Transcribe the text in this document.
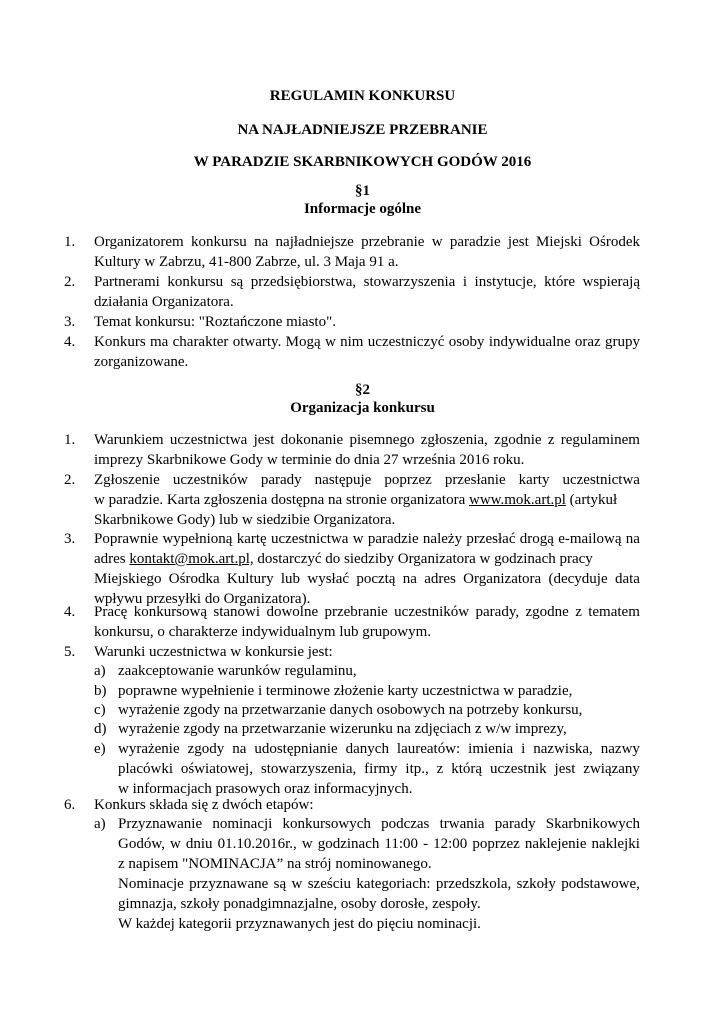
REGULAMIN KONKURSU
NA NAJŁADNIEJSZE PRZEBRANIE
W PARADZIE SKARBNIKOWYCH GODÓW 2016
§1
Informacje ogólne
1.	Organizatorem konkursu na najładniejsze przebranie w paradzie jest Miejski Ośrodek
Kultury w Zabrzu, 41-800 Zabrze, ul. 3 Maja 91 a.
2.	Partnerami konkursu są przedsiębiorstwa, stowarzyszenia i instytucje, które wspierają
działania Organizatora.
3.	Temat konkursu: "Roztańczone miasto".
4.	Konkurs ma charakter otwarty. Mogą w nim uczestniczyć osoby indywidualne oraz grupy
zorganizowane.
§2
Organizacja konkursu
1.	Warunkiem uczestnictwa jest dokonanie pisemnego zgłoszenia, zgodnie z regulaminem
imprezy Skarbnikowe Gody w terminie do dnia 27 września 2016 roku.
2.	Zgłoszenie uczestników parady następuje poprzez przesłanie karty uczestnictwa
w paradzie. Karta zgłoszenia dostępna na stronie organizatora www.mok.art.pl (artykuł
Skarbnikowe Gody) lub w siedzibie Organizatora.
3.	Poprawnie wypełnioną kartę uczestnictwa w paradzie należy przesłać drogą e-mailową na
adres kontakt@mok.art.pl, dostarczyć do siedziby Organizatora w godzinach pracy
Miejskiego Ośrodka Kultury lub wysłać pocztą na adres Organizatora (decyduje data
wpływu przesyłki do Organizatora).
4.	Pracę konkursową stanowi dowolne przebranie uczestników parady, zgodne z tematem
konkursu, o charakterze indywidualnym lub grupowym.
5.	Warunki uczestnictwa w konkursie jest:
a) zaakceptowanie warunków regulaminu,
b) poprawne wypełnienie i terminowe złożenie karty uczestnictwa w paradzie,
c) wyrażenie zgody na przetwarzanie danych osobowych na potrzeby konkursu,
d) wyrażenie zgody na przetwarzanie wizerunku na zdjęciach z w/w imprezy,
e) wyrażenie zgody na udostępnianie danych laureatów: imienia i nazwiska, nazwy
placówki oświatowej, stowarzyszenia, firmy itp., z którą uczestnik jest związany
w informacjach prasowych oraz informacyjnych.
6.	Konkurs składa się z dwóch etapów:
a) Przyznawanie nominacji konkursowych podczas trwania parady Skarbnikowych
Godów, w dniu 01.10.2016r., w godzinach 11:00 - 12:00 poprzez naklejenie naklejki
z napisem "NOMINACJA” na strój nominowanego.
Nominacje przyznawane są w sześciu kategoriach: przedszkola, szkoły podstawowe,
gimnazja, szkoły ponadgimnazjalne, osoby dorosłe, zespoły.
W każdej kategorii przyznawanych jest do pięciu nominacji.
